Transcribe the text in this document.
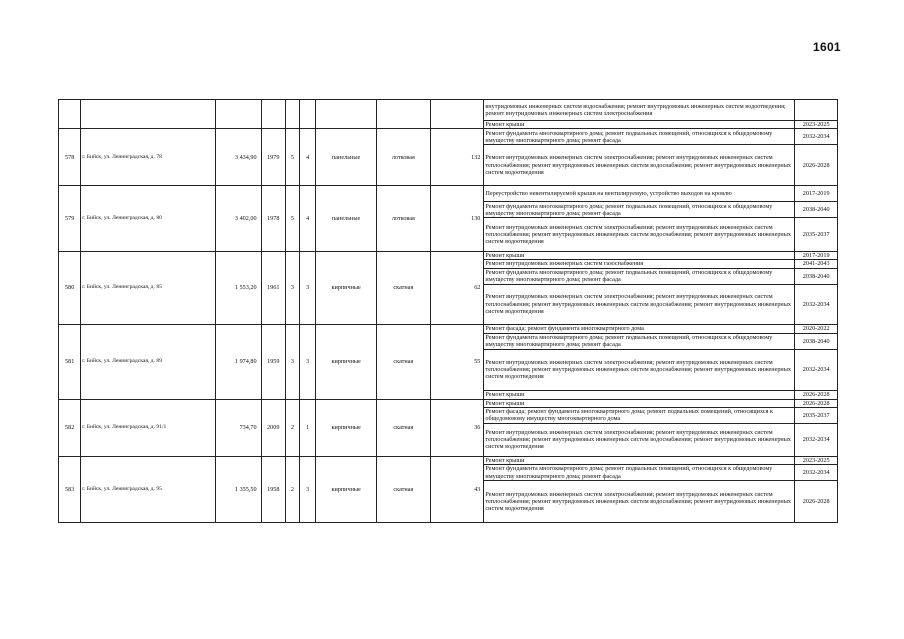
1601
									внутридомовых инженерных систем водоснабжения; ремонт внутридомовых инженерных систем водоотведения; ремонт внутридомовых инженерных систем электроснабжения	
									Ремонт крыши	2023-2025
578	г. Бийск, ул. Ленинградская, д. 78	3 434,90	1979	5	4	панельные	лотковая	132	Ремонт фундамента многоквартирного дома; ремонт подвальных помещений, относящихся к общедомовому имуществу многоквартирного дома; ремонт фасада	2032-2034
									Ремонт внутридомовых инженерных систем электроснабжения; ремонт внутридомовых инженерных систем теплоснабжения; ремонт внутридомовых инженерных систем водоснабжения; ремонт внутридомовых инженерных систем водоотведения	2026-2028
579	г. Бийск, ул. Ленинградская, д. 80	3 402,00	1978	5	4	панельные	лотковая	130	Переустройство невентилируемой крыши на вентилируемую, устройство выходов на кровлю	2017-2019
									Ремонт фундамента многоквартирного дома; ремонт подвальных помещений, относящихся к общедомовому имуществу многоквартирного дома; ремонт фасада	2038-2040
									Ремонт внутридомовых инженерных систем электроснабжения; ремонт внутридомовых инженерных систем теплоснабжения; ремонт внутридомовых инженерных систем водоснабжения; ремонт внутридомовых инженерных систем водоотведения	2035-2037
580	г. Бийск, ул. Ленинградская, д. 85	1 553,20	1961	3	3	кирпичные	скатная	62	Ремонт крыши	2017-2019
									Ремонт внутридомовых инженерных систем газоснабжения	2041-2043
									Ремонт фундамента многоквартирного дома; ремонт подвальных помещений, относящихся к общедомовому имуществу многоквартирного дома; ремонт фасада	2038-2040
									Ремонт внутридомовых инженерных систем электроснабжения; ремонт внутридомовых инженерных систем теплоснабжения; ремонт внутридомовых инженерных систем водоснабжения; ремонт внутридомовых инженерных систем водоотведения	2032-2034
581	г. Бийск, ул. Ленинградская, д. 89	1 974,80	1959	3	3	кирпичные	скатная	55	Ремонт фасада; ремонт фундамента многоквартирного дома	2020-2022
									Ремонт фундамента многоквартирного дома; ремонт подвальных помещений, относящихся к общедомовому имуществу многоквартирного дома; ремонт фасада	2038-2040
									Ремонт внутридомовых инженерных систем электроснабжения; ремонт внутридомовых инженерных систем теплоснабжения; ремонт внутридомовых инженерных систем водоснабжения; ремонт внутридомовых инженерных систем водоотведения	2032-2034
									Ремонт крыши	2026-2028
582	г. Бийск, ул. Ленинградская, д. 91/1	734,70	2009	2	1	кирпичные	скатная	36	Ремонт крыши	2026-2028
									Ремонт фасада; ремонт фундамента многоквартирного дома; ремонт подвальных помещений, относящихся к общедомовому имуществу многоквартирного дома	2035-2037
									Ремонт внутридомовых инженерных систем электроснабжения; ремонт внутридомовых инженерных систем теплоснабжения; ремонт внутридомовых инженерных систем водоснабжения; ремонт внутридомовых инженерных систем водоотведения	2032-2034
583	г. Бийск, ул. Ленинградская, д. 95	1 355,50	1958	2	3	кирпичные	скатная	43	Ремонт крыши	2023-2025
									Ремонт фундамента многоквартирного дома; ремонт подвальных помещений, относящихся к общедомовому имуществу многоквартирного дома; ремонт фасада	2032-2034
									Ремонт внутридомовых инженерных систем электроснабжения; ремонт внутридомовых инженерных систем теплоснабжения; ремонт внутридомовых инженерных систем водоснабжения; ремонт внутридомовых инженерных систем водоотведения	2026-2028
